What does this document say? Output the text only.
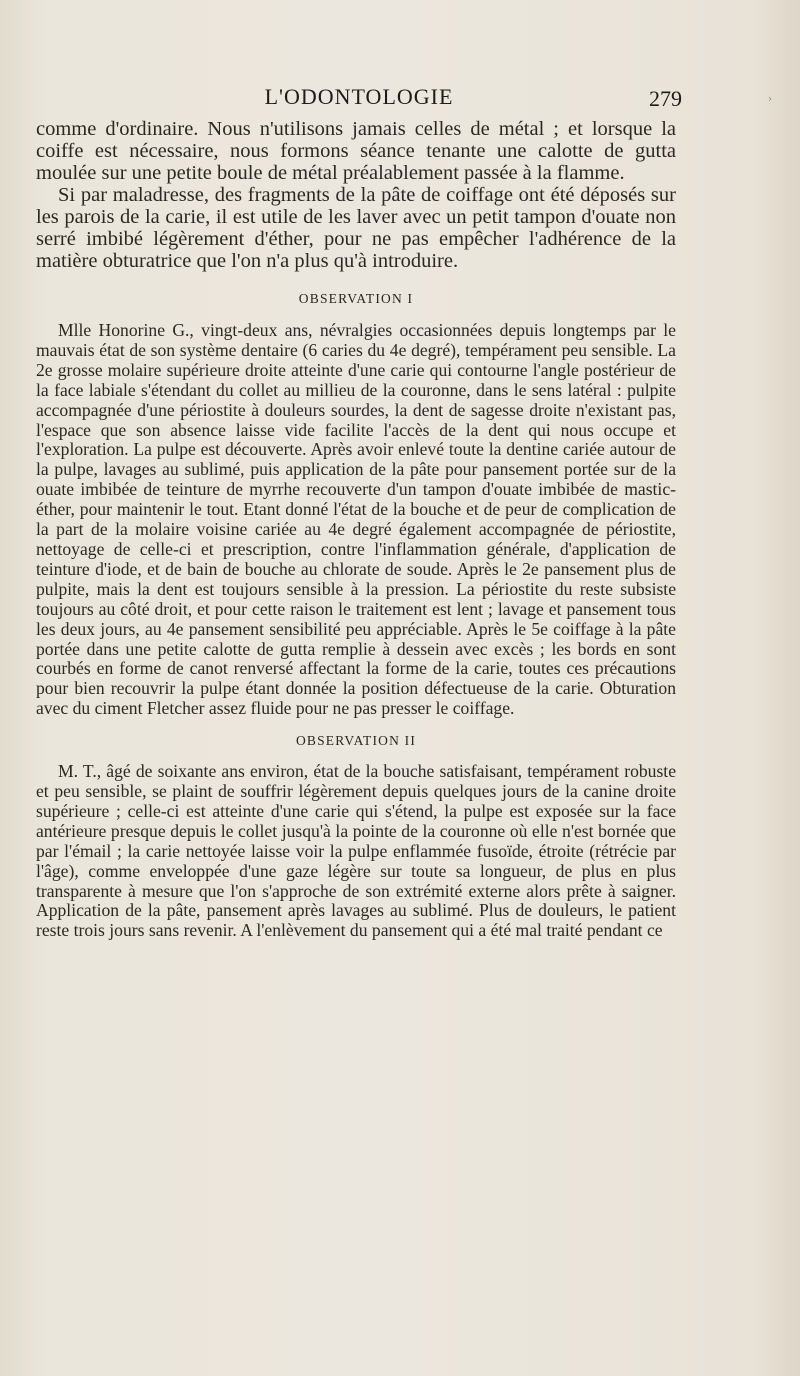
L'ODONTOLOGIE	279	›

comme d'ordinaire. Nous n'utilisons jamais celles de métal ; et lorsque la coiffe est nécessaire, nous formons séance tenante une calotte de gutta moulée sur une petite boule de métal préalablement passée à la flamme.

Si par maladresse, des fragments de la pâte de coiffage ont été déposés sur les parois de la carie, il est utile de les laver avec un petit tampon d'ouate non serré imbibé légèrement d'éther, pour ne pas empêcher l'adhérence de la matière obturatrice que l'on n'a plus qu'à introduire.

OBSERVATION I

Mlle Honorine G., vingt-deux ans, névralgies occasionnées depuis longtemps par le mauvais état de son système dentaire (6 caries du 4e degré), tempérament peu sensible. La 2e grosse molaire supérieure droite atteinte d'une carie qui contourne l'angle postérieur de la face labiale s'étendant du collet au millieu de la couronne, dans le sens latéral : pulpite accompagnée d'une périostite à douleurs sourdes, la dent de sagesse droite n'existant pas, l'espace que son absence laisse vide facilite l'accès de la dent qui nous occupe et l'exploration. La pulpe est découverte. Après avoir enlevé toute la dentine cariée autour de la pulpe, lavages au sublimé, puis application de la pâte pour pansement portée sur de la ouate imbibée de teinture de myrrhe recouverte d'un tampon d'ouate imbibée de mastic-éther, pour maintenir le tout. Etant donné l'état de la bouche et de peur de complication de la part de la molaire voisine cariée au 4e degré également accompagnée de périostite, nettoyage de celle-ci et prescription, contre l'inflammation générale, d'application de teinture d'iode, et de bain de bouche au chlorate de soude. Après le 2e pansement plus de pulpite, mais la dent est toujours sensible à la pression. La périostite du reste subsiste toujours au côté droit, et pour cette raison le traitement est lent ; lavage et pansement tous les deux jours, au 4e pansement sensibilité peu appréciable. Après le 5e coiffage à la pâte portée dans une petite calotte de gutta remplie à dessein avec excès ; les bords en sont courbés en forme de canot renversé affectant la forme de la carie, toutes ces précautions pour bien recouvrir la pulpe étant donnée la position défectueuse de la carie. Obturation avec du ciment Fletcher assez fluide pour ne pas presser le coiffage.

OBSERVATION II

M. T., âgé de soixante ans environ, état de la bouche satisfaisant, tempérament robuste et peu sensible, se plaint de souffrir légèrement depuis quelques jours de la canine droite supérieure ; celle-ci est atteinte d'une carie qui s'étend, la pulpe est exposée sur la face antérieure presque depuis le collet jusqu'à la pointe de la couronne où elle n'est bornée que par l'émail ; la carie nettoyée laisse voir la pulpe enflammée fusoïde, étroite (rétrécie par l'âge), comme enveloppée d'une gaze légère sur toute sa longueur, de plus en plus transparente à mesure que l'on s'approche de son extrémité externe alors prête à saigner. Application de la pâte, pansement après lavages au sublimé. Plus de douleurs, le patient reste trois jours sans revenir. A l'enlèvement du pansement qui a été mal traité pendant ce
